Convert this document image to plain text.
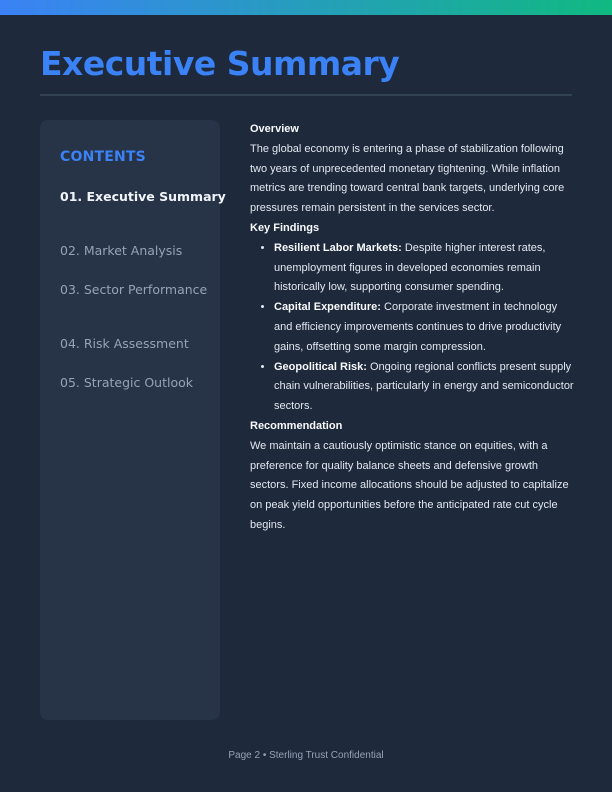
Executive Summary
CONTENTS
01. Executive Summary
02. Market Analysis
03. Sector Performance
04. Risk Assessment
05. Strategic Outlook
Overview

The global economy is entering a phase of stabilization following two years of unprecedented monetary tightening. While inflation metrics are trending toward central bank targets, underlying core pressures remain persistent in the services sector.

Key Findings
• Resilient Labor Markets: Despite higher interest rates, unemployment figures in developed economies remain historically low, supporting consumer spending.
• Capital Expenditure: Corporate investment in technology and efficiency improvements continues to drive productivity gains, offsetting some margin compression.
• Geopolitical Risk: Ongoing regional conflicts present supply chain vulnerabilities, particularly in energy and semiconductor sectors.
Recommendation

We maintain a cautiously optimistic stance on equities, with a preference for quality balance sheets and defensive growth sectors. Fixed income allocations should be adjusted to capitalize on peak yield opportunities before the anticipated rate cut cycle begins.

Page 2 • Sterling Trust Confidential
